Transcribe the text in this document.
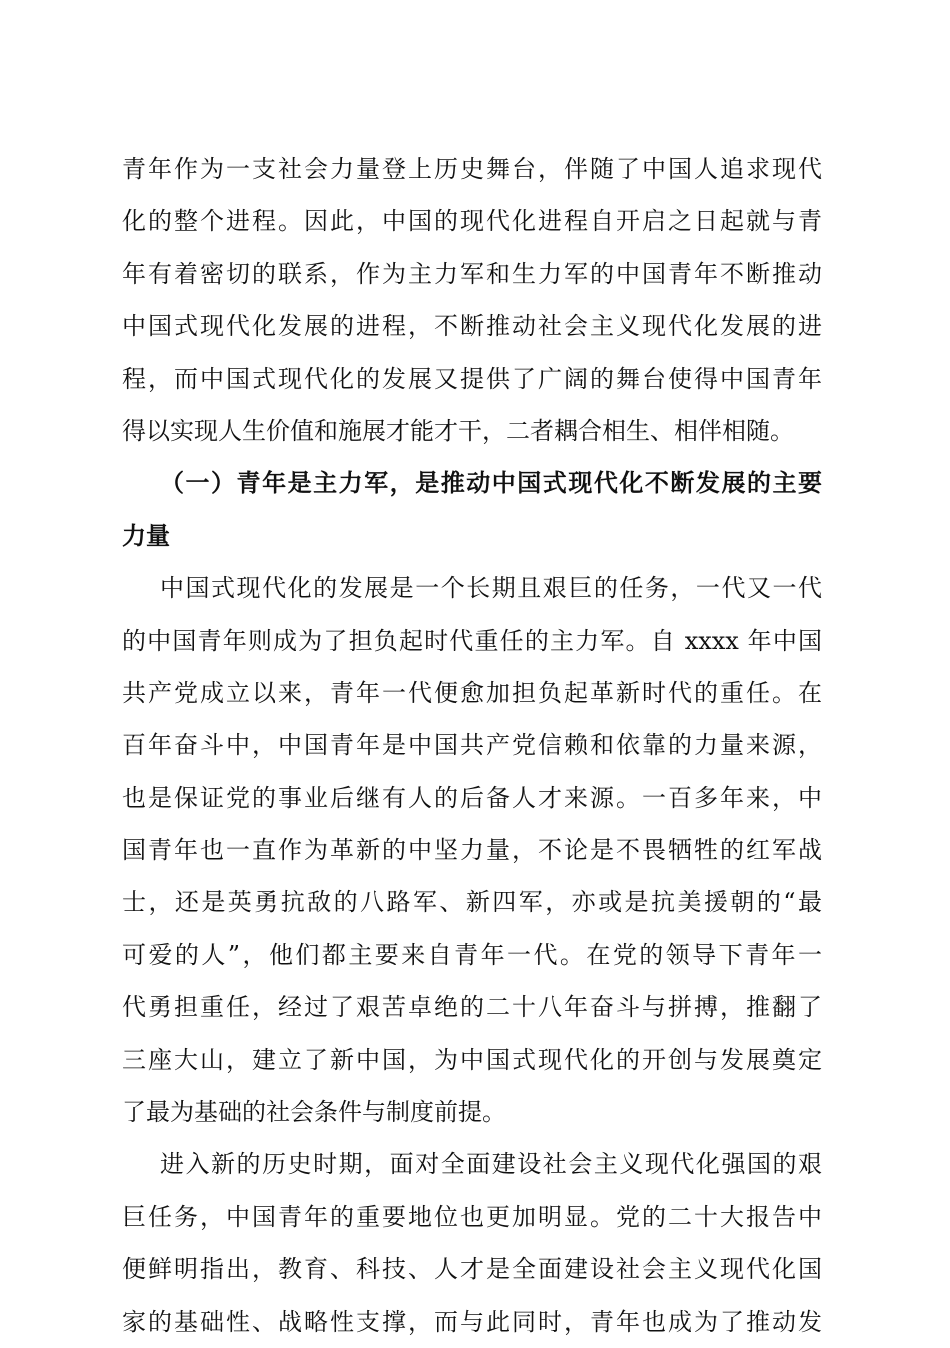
青年作为一支社会力量登上历史舞台，伴随了中国人追求现代
化的整个进程。因此，中国的现代化进程自开启之日起就与青
年有着密切的联系，作为主力军和生力军的中国青年不断推动
中国式现代化发展的进程，不断推动社会主义现代化发展的进
程，而中国式现代化的发展又提供了广阔的舞台使得中国青年
得以实现人生价值和施展才能才干，二者耦合相生、相伴相随。
（一）青年是主力军，是推动中国式现代化不断发展的主要
力量
中国式现代化的发展是一个长期且艰巨的任务，一代又一代
的中国青年则成为了担负起时代重任的主力军。自 xxxx 年中国
共产党成立以来，青年一代便愈加担负起革新时代的重任。在
百年奋斗中，中国青年是中国共产党信赖和依靠的力量来源，
也是保证党的事业后继有人的后备人才来源。一百多年来，中
国青年也一直作为革新的中坚力量，不论是不畏牺牲的红军战
士，还是英勇抗敌的八路军、新四军，亦或是抗美援朝的“最
可爱的人”，他们都主要来自青年一代。在党的领导下青年一
代勇担重任，经过了艰苦卓绝的二十八年奋斗与拼搏，推翻了
三座大山，建立了新中国，为中国式现代化的开创与发展奠定
了最为基础的社会条件与制度前提。
进入新的历史时期，面对全面建设社会主义现代化强国的艰
巨任务，中国青年的重要地位也更加明显。党的二十大报告中
便鲜明指出，教育、科技、人才是全面建设社会主义现代化国
家的基础性、战略性支撑，而与此同时，青年也成为了推动发
